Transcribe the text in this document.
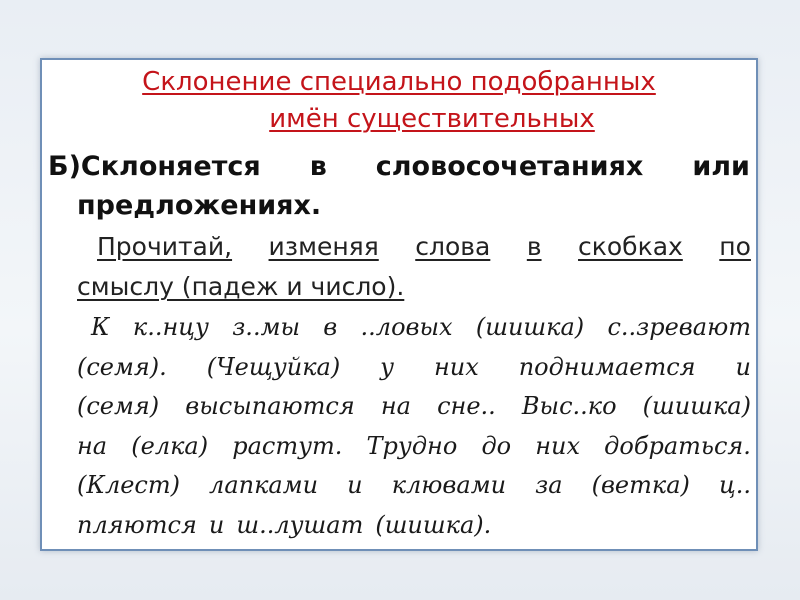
Склонение специально подобранных
имён существительных

Б)Склоняется в словосочетаниях или
предложениях.

Прочитай, изменяя слова в скобках по
смыслу (падеж и число).

К к..нцу з..мы в ..ловых (шишка) с..зревают
(семя). (Чещуйка) у них поднимается и
(семя) высыпаются на сне.. Выс..ко (шишка)
на (елка) растут. Трудно до них добраться.
(Клест) лапками и клювами за (ветка) ц..
пляются и ш..лушат (шишка).
